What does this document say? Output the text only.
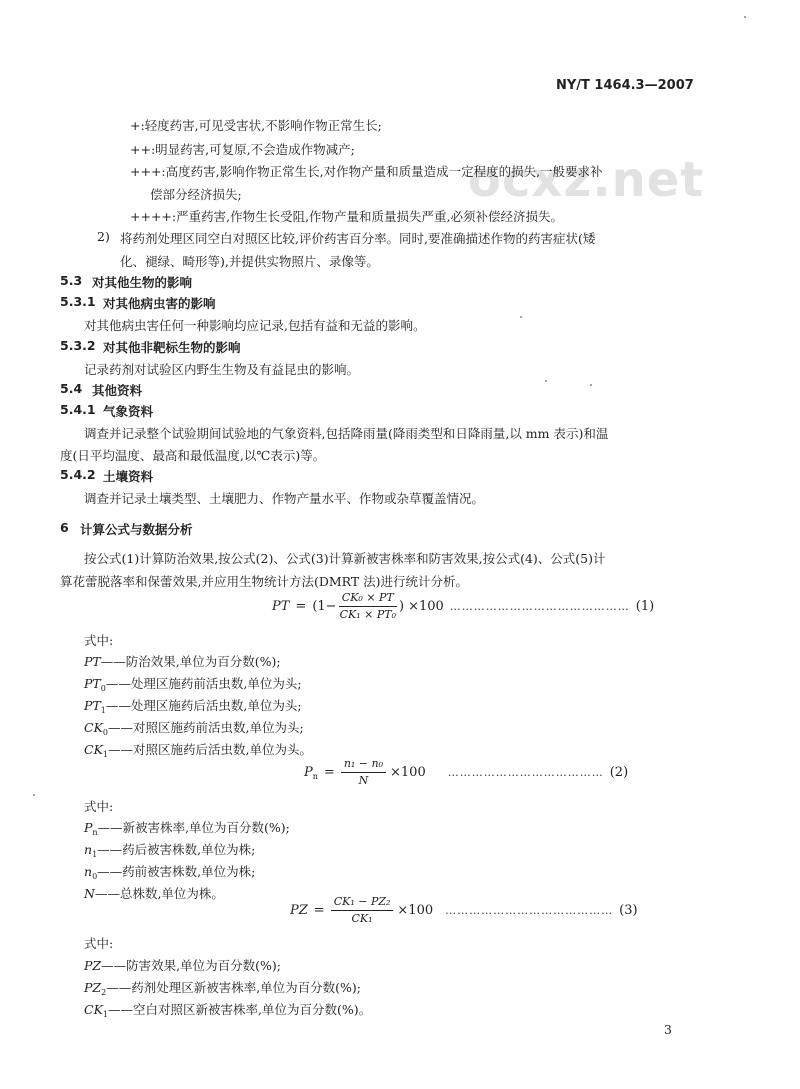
NY/T 1464.3—2007
ocxz.net
+:轻度药害,可见受害状,不影响作物正常生长;
++:明显药害,可复原,不会造成作物减产;
+++:高度药害,影响作物正常生长,对作物产量和质量造成一定程度的损失,一般要求补
偿部分经济损失;
++++:严重药害,作物生长受阻,作物产量和质量损失严重,必须补偿经济损失。
2) 将药剂处理区同空白对照区比较,评价药害百分率。同时,要准确描述作物的药害症状(矮
化、褪绿、畸形等),并提供实物照片、录像等。
5.3 对其他生物的影响
5.3.1 对其他病虫害的影响
对其他病虫害任何一种影响均应记录,包括有益和无益的影响。
5.3.2 对其他非靶标生物的影响
记录药剂对试验区内野生生物及有益昆虫的影响。
5.4 其他资料
5.4.1 气象资料
调查并记录整个试验期间试验地的气象资料,包括降雨量(降雨类型和日降雨量,以 mm 表示)和温
度(日平均温度、最高和最低温度,以℃表示)等。
5.4.2 土壤资料
调查并记录土壤类型、土壤肥力、作物产量水平、作物或杂草覆盖情况。
6 计算公式与数据分析
按公式(1)计算防治效果,按公式(2)、公式(3)计算新被害株率和防害效果,按公式(4)、公式(5)计
算花蕾脱落率和保蕾效果,并应用生物统计方法(DMRT 法)进行统计分析。
PT = ($1- \frac{\text{CK₀ × PT}}{\text{CK₁ × PT₀}}$ ) ×100 ……………………………………… (1)
式中:
PT——防治效果,单位为百分数(%);
$PT_0——$处理区施药前活虫数,单位为头;
$PT_1——$处理区施药后活虫数,单位为头;
$CK_0——$对照区施药前活虫数,单位为头;
$CK_1——$对照区施药后活虫数,单位为头。
$P_n = \frac{\text{n₁ − n₀}}{N} \times 100$ ………………………………… (2)
式中:
$P_n——$新被害株率,单位为百分数(%);
$n_1——$药后被害株数,单位为株;
$n_0——$药前被害株数,单位为株;
N——总株数,单位为株。
PZ = $\frac{\text{CK₁ − PZ₂}}{\text{CK₁}} \times 100$ …………………………………… (3)
式中:
PZ——防害效果,单位为百分数(%);
$PZ_2——$药剂处理区新被害株率,单位为百分数(%);
$CK_1——$空白对照区新被害株率,单位为百分数(%)。
3
